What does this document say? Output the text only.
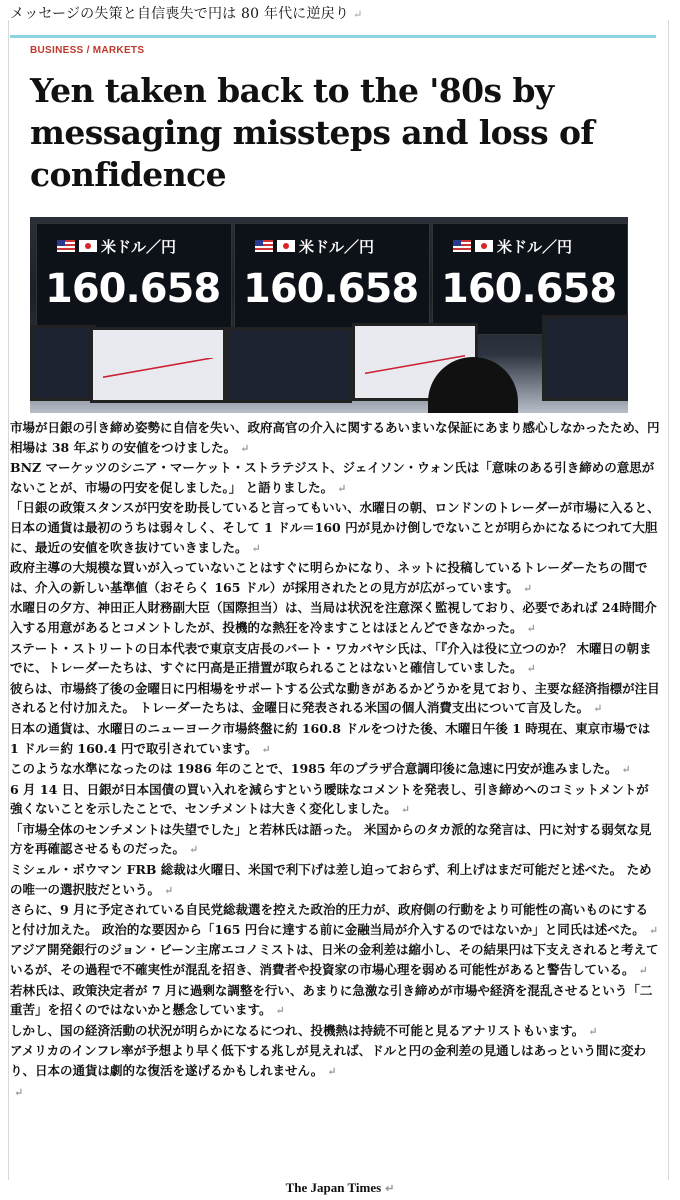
メッセージの失策と自信喪失で円は 80 年代に逆戻り ↵
BUSINESS / MARKETS
Yen taken back to the '80s by messaging missteps and loss of confidence
米ドル／円
160.658
米ドル／円
160.658
米ドル／円
160.658

市場が日銀の引き締め姿勢に自信を失い、政府高官の介入に関するあいまいな保証にあまり感心しなかったため、円相場は 38 年ぶりの安値をつけました。 ↵

BNZ マーケッツのシニア・マーケット・ストラテジスト、ジェイソン・ウォン氏は「意味のある引き締めの意思がないことが、市場の円安を促しました。」 と語りました。 ↵

「日銀の政策スタンスが円安を助長していると言ってもいい、水曜日の朝、ロンドンのトレーダーが市場に入ると、日本の通貨は最初のうちは弱々しく、そして 1 ドル＝160 円が見かけ倒しでないことが明らかになるにつれて大胆に、最近の安値を吹き抜けていきました。 ↵

政府主導の大規模な買いが入っていないことはすぐに明らかになり、ネットに投稿しているトレーダーたちの間では、介入の新しい基準値（おそらく 165 ドル）が採用されたとの見方が広がっています。 ↵

水曜日の夕方、神田正人財務副大臣（国際担当）は、当局は状況を注意深く監視しており、必要であれば 24時間介入する用意があるとコメントしたが、投機的な熱狂を冷ますことはほとんどできなかった。 ↵

ステート・ストリートの日本代表で東京支店長のバート・ワカバヤシ氏は、｢『介入は役に立つのか？ 木曜日の朝までに、トレーダーたちは、すぐに円高是正措置が取られることはないと確信していました。 ↵

彼らは、市場終了後の金曜日に円相場をサポートする公式な動きがあるかどうかを見ており、主要な経済指標が注目されると付け加えた。 トレーダーたちは、金曜日に発表される米国の個人消費支出について言及した。 ↵

日本の通貨は、水曜日のニューヨーク市場終盤に約 160.8 ドルをつけた後、木曜日午後 1 時現在、東京市場では 1 ドル＝約 160.4 円で取引されています。 ↵

このような水準になったのは 1986 年のことで、1985 年のプラザ合意調印後に急速に円安が進みました。 ↵

6 月 14 日、日銀が日本国債の買い入れを減らすという曖昧なコメントを発表し、引き締めへのコミットメントが強くないことを示したことで、センチメントは大きく変化しました。 ↵

「市場全体のセンチメントは失望でした」と若林氏は語った。 米国からのタカ派的な発言は、円に対する弱気な見方を再確認させるものだった。 ↵

ミシェル・ボウマン FRB 総裁は火曜日、米国で利下げは差し迫っておらず、利上げはまだ可能だと述べた。 ための唯一の選択肢だという。 ↵

さらに、9 月に予定されている自民党総裁選を控えた政治的圧力が、政府側の行動をより可能性の高いものにすると付け加えた。 政治的な要因から「165 円台に達する前に金融当局が介入するのではないか」と同氏は述べた。 ↵

アジア開発銀行のジョン・ビーン主席エコノミストは、日米の金利差は縮小し、その結果円は下支えされると考えているが、その過程で不確実性が混乱を招き、消費者や投資家の市場心理を弱める可能性があると警告している。 ↵

若林氏は、政策決定者が 7 月に過剰な調整を行い、あまりに急激な引き締めが市場や経済を混乱させるという「二重苦」を招くのではないかと懸念しています。 ↵

しかし、国の経済活動の状況が明らかになるにつれ、投機熱は持続不可能と見るアナリストもいます。 ↵

アメリカのインフレ率が予想より早く低下する兆しが見えれば、ドルと円の金利差の見通しはあっという間に変わり、日本の通貨は劇的な復活を遂げるかもしれません。 ↵

↵

The Japan Times ↵
